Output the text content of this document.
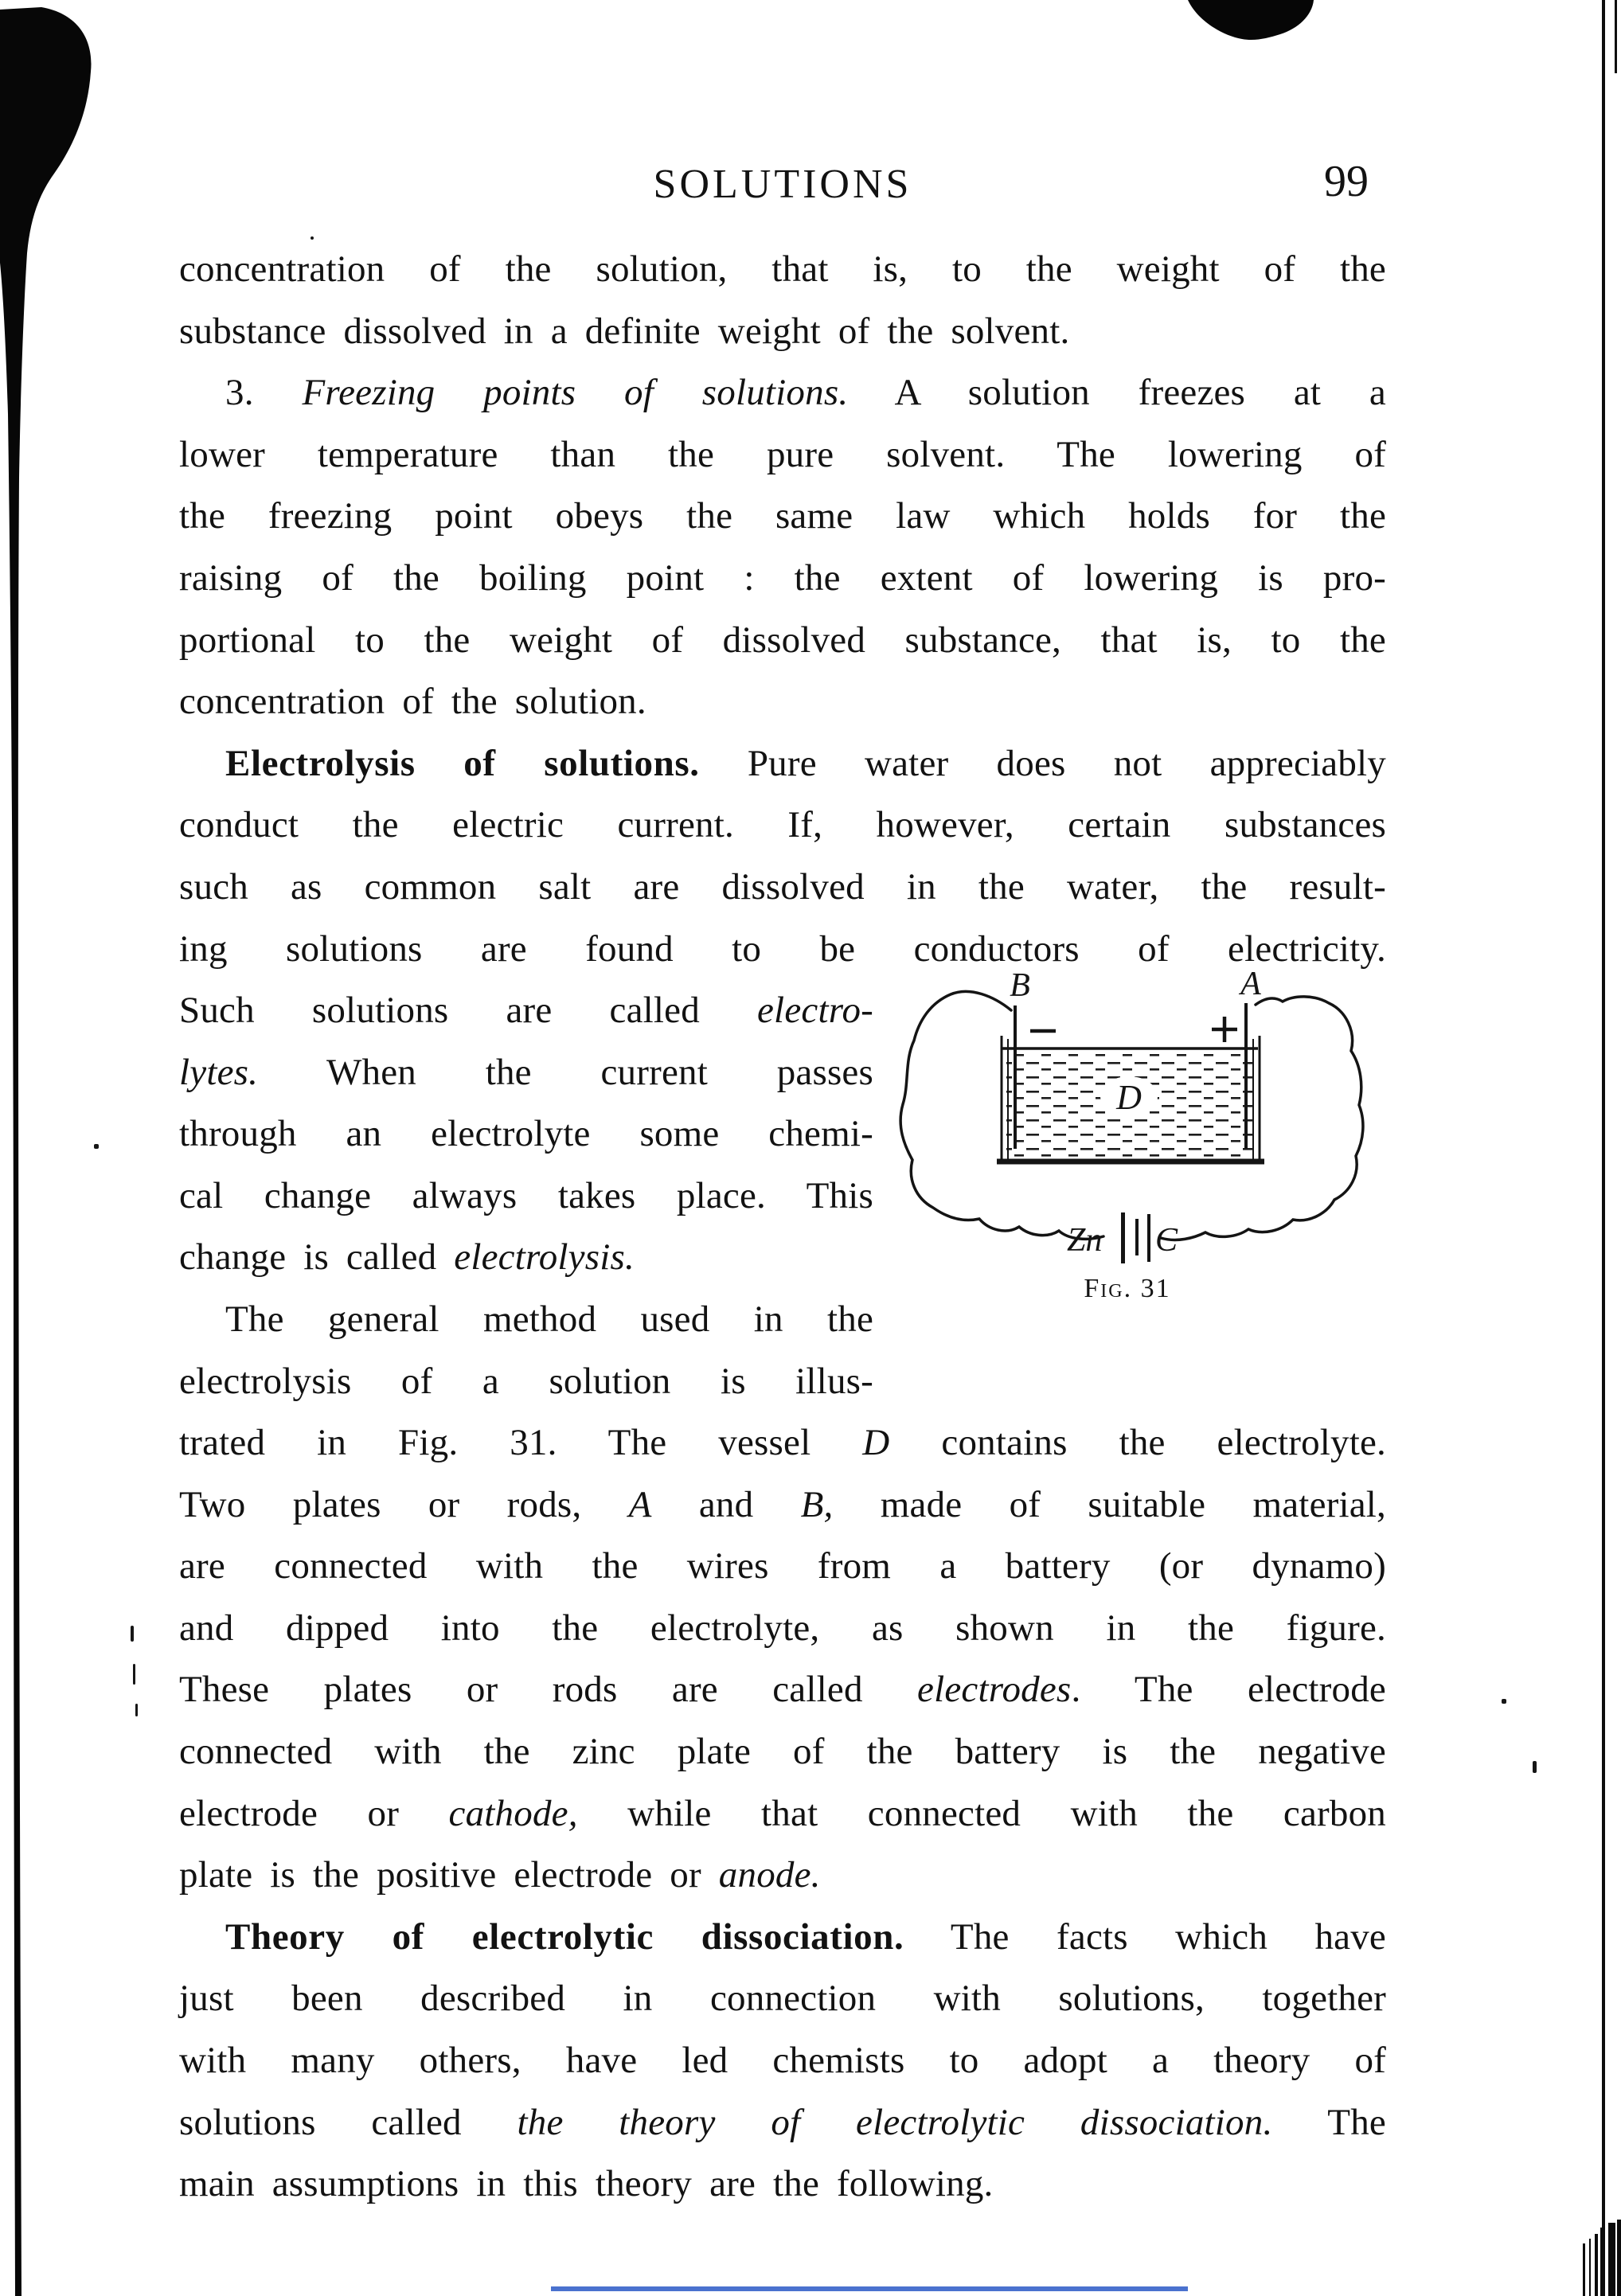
SOLUTIONS	99
concentration of the solution, that is, to the weight of the
substance dissolved in a definite weight of the solvent.
3. Freezing points of solutions. A solution freezes at a
lower temperature than the pure solvent. The lowering of
the freezing point obeys the same law which holds for the
raising of the boiling point : the extent of lowering is pro-
portional to the weight of dissolved substance, that is, to the
concentration of the solution.
Electrolysis of solutions. Pure water does not appreciably
conduct the electric current. If, however, certain substances
such as common salt are dissolved in the water, the result-
ing solutions are found to be conductors of electricity.
Such solutions are called electro-
lytes. When the current passes
through an electrolyte some chemi-
cal change always takes place. This
change is called electrolysis.
The general method used in the
electrolysis of a solution is illus-
trated in Fig. 31. The vessel D contains the electrolyte.
Two plates or rods, A and B, made of suitable material,
are connected with the wires from a battery (or dynamo)
and dipped into the electrolyte, as shown in the figure.
These plates or rods are called electrodes. The electrode
connected with the zinc plate of the battery is the negative
electrode or cathode, while that connected with the carbon
plate is the positive electrode or anode.
Theory of electrolytic dissociation. The facts which have
just been described in connection with solutions, together
with many others, have led chemists to adopt a theory of
solutions called the theory of electrolytic dissociation. The
main assumptions in this theory are the following.
B	A
D
Zn C
Fig. 31
